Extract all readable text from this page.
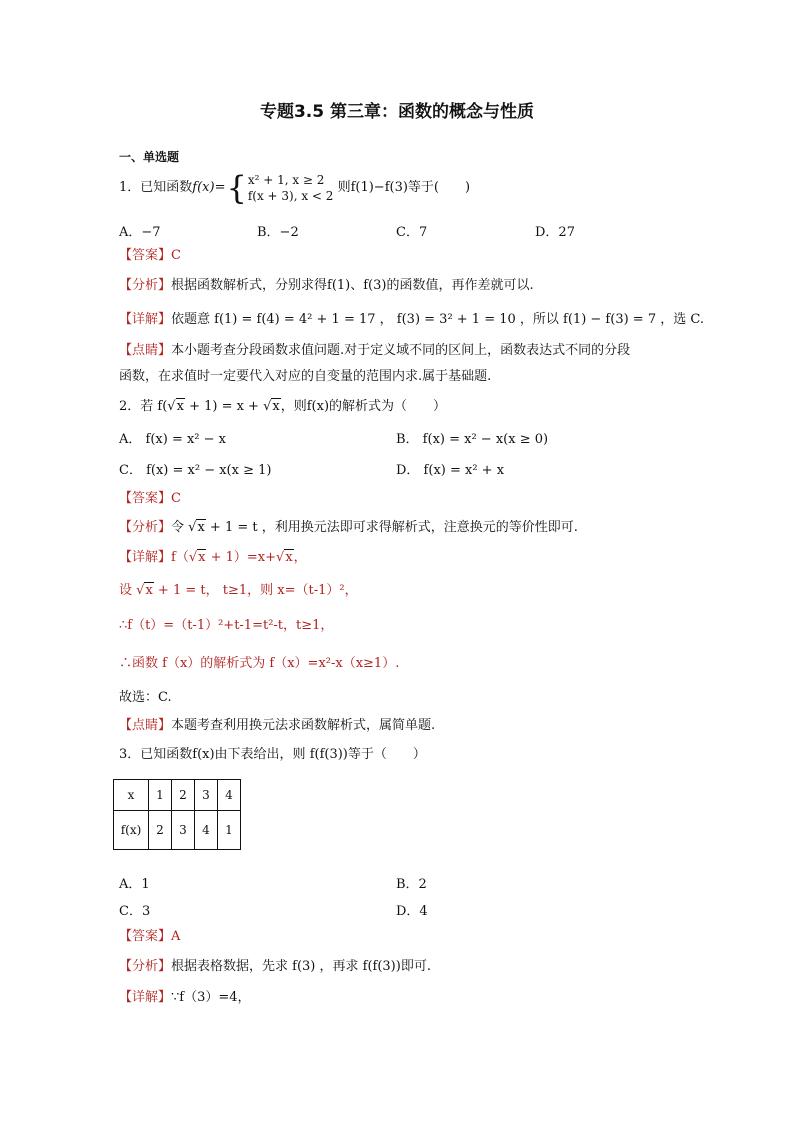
专题3.5 第三章：函数的概念与性质
一、单选题
1．已知函数f(x)={x² + 1, x ≥ 2
f(x + 3), x < 2 则f(1)−f(3)等于(　　)
A．−7	B．−2	C．7	D．27
【答案】C
【分析】根据函数解析式，分别求得f(1)、f(3)的函数值，再作差就可以.
【详解】依题意 f(1) = f(4) = 4² + 1 = 17 ， f(3) = 3² + 1 = 10 ，所以 f(1) − f(3) = 7 ，选 C.
【点睛】本小题考查分段函数求值问题.对于定义域不同的区间上，函数表达式不同的分段
函数，在求值时一定要代入对应的自变量的范围内求.属于基础题.
2．若 f(√x + 1) = x + √x，则f(x)的解析式为（　　）
A． f(x) = x² − x	B． f(x) = x² − x(x ≥ 0)
C． f(x) = x² − x(x ≥ 1)	D． f(x) = x² + x
【答案】C
【分析】令 √x + 1 = t ，利用换元法即可求得解析式，注意换元的等价性即可.
【详解】f（√x + 1）=x+√x，
设 √x + 1 = t， t≥1，则 x=（t-1）²，
∴f（t）=（t-1）²+t-1=t²-t，t≥1，
∴函数 f（x）的解析式为 f（x）=x²-x（x≥1）.
故选：C.
【点睛】本题考查利用换元法求函数解析式，属简单题.
3．已知函数f(x)由下表给出，则 f(f(3))等于（　　）
x	1	2	3	4
f(x)	2	3	4	1
A．1	B．2
C．3	D．4
【答案】A
【分析】根据表格数据，先求 f(3) ，再求 f(f(3))即可.
【详解】∵f（3）=4，
